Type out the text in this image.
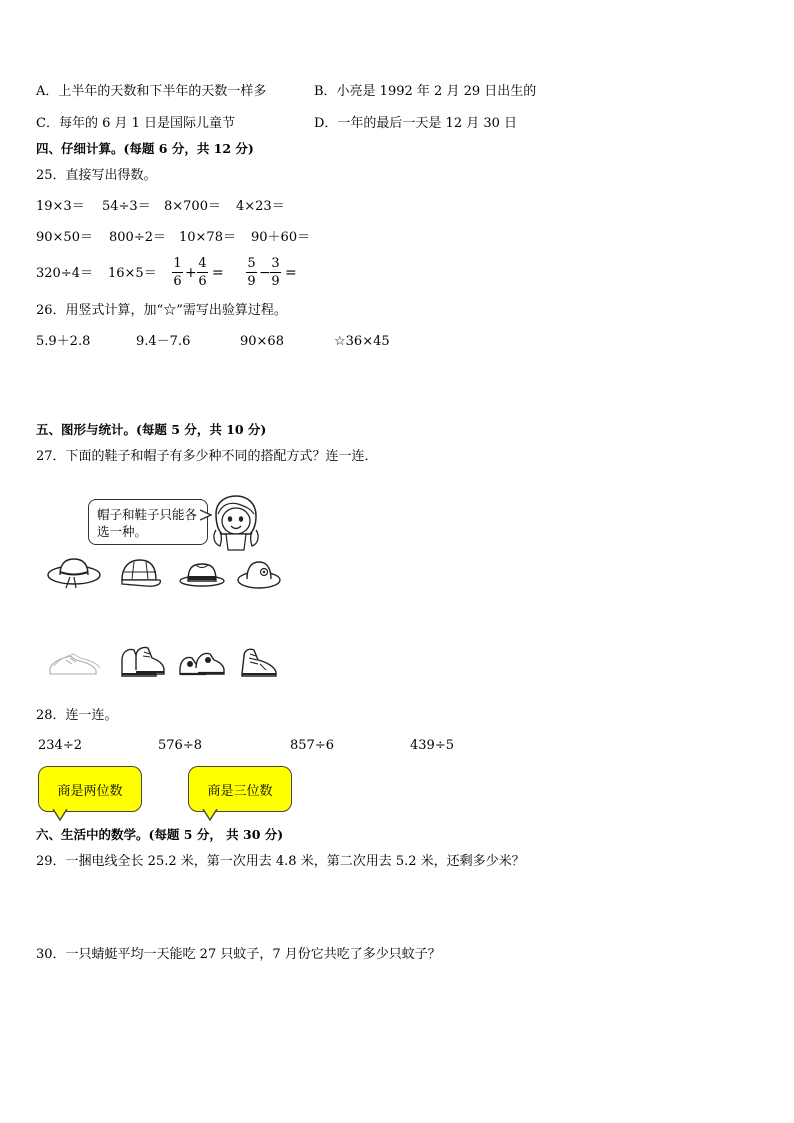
A．上半年的天数和下半年的天数一样多	B．小亮是 1992 年 2 月 29 日出生的
C．每年的 6 月 1 日是国际儿童节	D．一年的最后一天是 12 月 30 日
四、仔细计算。(每题 6 分，共 12 分)
25．直接写出得数。
19×3＝ 54÷3＝ 8×700＝ 4×23＝
90×50＝ 800÷2＝ 10×78＝ 90＋60＝
320÷4＝ 16×5＝
1
6
+
4
6
=
5
9
−
3
9
=
26．用竖式计算，加“☆”需写出验算过程。
5.9＋2.8	9.4－7.6	90×68	☆36×45
五、图形与统计。(每题 5 分，共 10 分)
27．下面的鞋子和帽子有多少种不同的搭配方式？连一连．
帽子和鞋子只能各选一种。
28．连一连。
234÷2	576÷8	857÷6	439÷5
商是两位数	商是三位数
六、生活中的数学。(每题 5 分， 共 30 分)
29．一捆电线全长 25.2 米，第一次用去 4.8 米，第二次用去 5.2 米，还剩多少米？
30．一只蜻蜓平均一天能吃 27 只蚊子，7 月份它共吃了多少只蚊子？
